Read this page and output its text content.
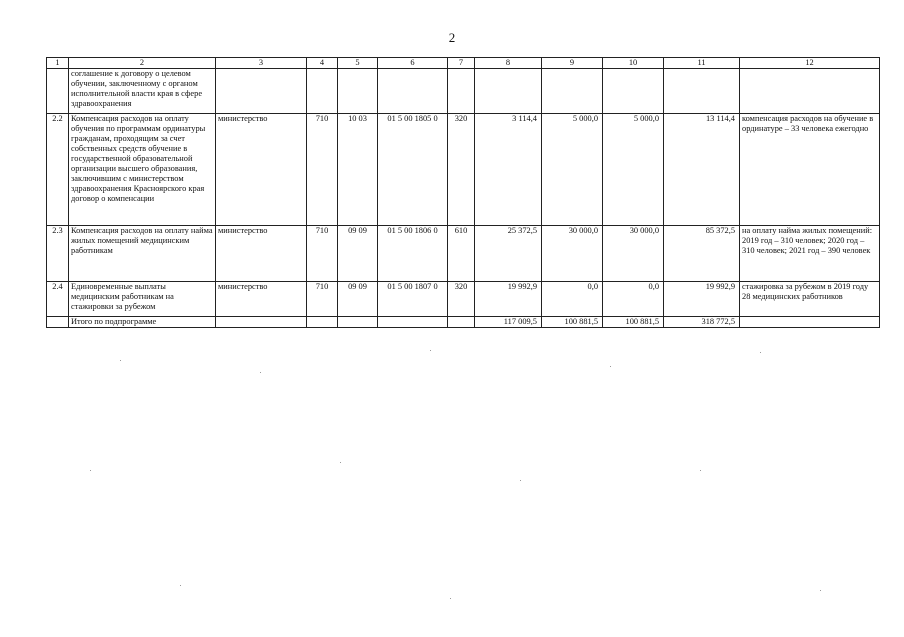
2
1	2	3	4	5	6	7	8	9	10	11	12
	соглашение к договору о целевом обучении, заключенному с органом исполнительной власти края в сфере здравоохранения										
2.2	Компенсация расходов на оплату обучения по программам ординатуры гражданам, проходящим за счет собственных средств обучение в государственной образовательной организации высшего образования, заключившим с министерством здравоохранения Красноярского края договор о компенсации	министерство	710	10 03	01 5 00 1805 0	320	3 114,4	5 000,0	5 000,0	13 114,4	компенсация расходов на обучение в ординатуре – 33 человека ежегодно
2.3	Компенсация расходов на оплату найма жилых помещений медицинским работникам	министерство	710	09 09	01 5 00 1806 0	610	25 372,5	30 000,0	30 000,0	85 372,5	на оплату найма жилых помещений: 2019 год – 310 человек; 2020 год – 310 человек; 2021 год – 390 человек
2.4	Единовременные выплаты медицинским работникам на стажировки за рубежом	министерство	710	09 09	01 5 00 1807 0	320	19 992,9	0,0	0,0	19 992,9	стажировка за рубежом в 2019 году 28 медицинских работников
	Итого по подпрограмме						117 009,5	100 881,5	100 881,5	318 772,5	
